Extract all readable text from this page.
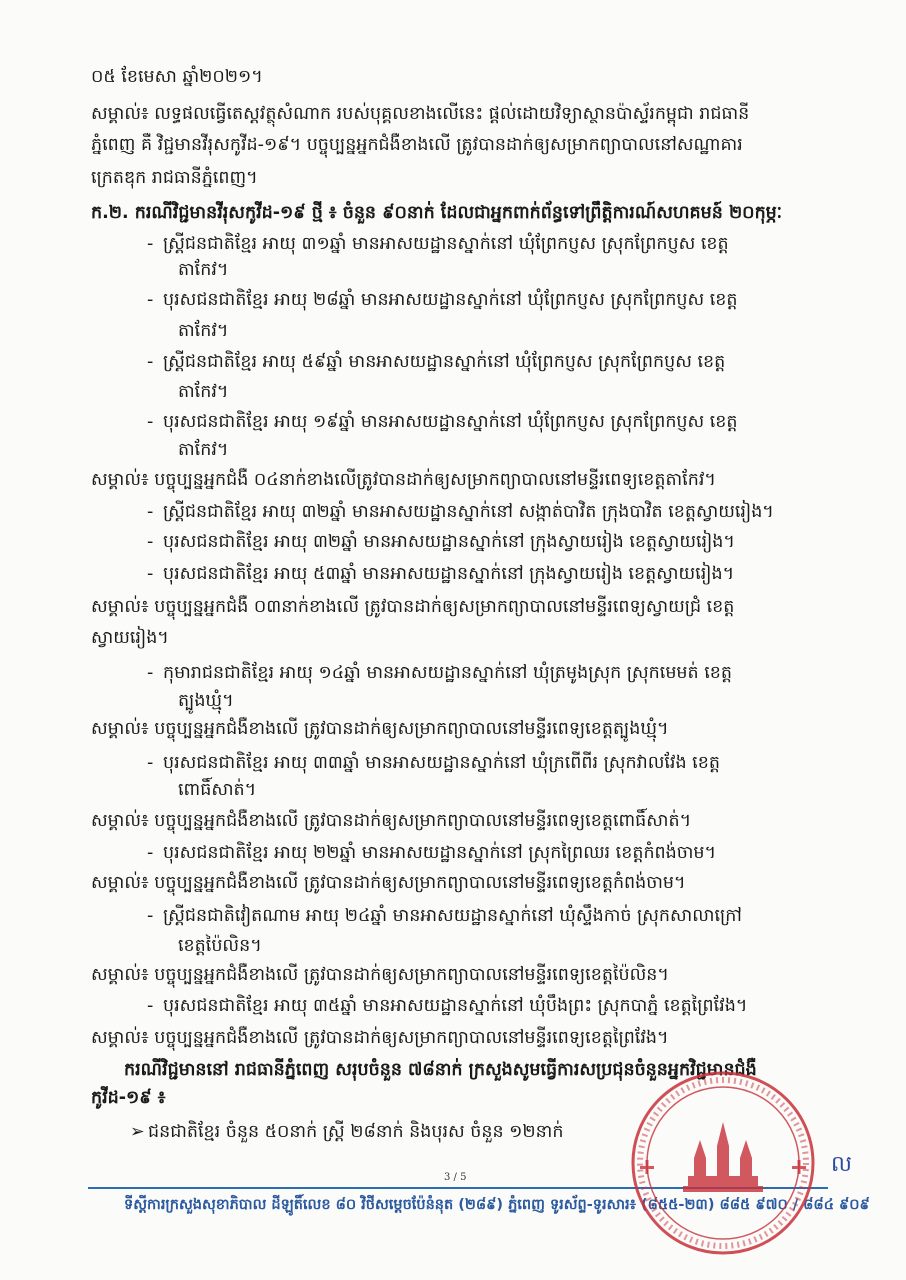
០៥ ខែមេសា ឆ្នាំ២០២១។
សម្គាល់៖ លទ្ធផលធ្វើតេស្តវត្ថុសំណាក របស់បុគ្គលខាងលើនេះ ផ្តល់ដោយវិទ្យាស្ថានប៉ាស្ទ័រកម្ពុជា រាជធានី
ភ្នំពេញ គឺ វិជ្ជមានវីរុសកូវីដ-១៩។ បច្ចុប្បន្នអ្នកជំងឺខាងលើ ត្រូវបានដាក់ឲ្យសម្រាកព្យាបាលនៅសណ្ឋាគារ
ក្រេតឌុក រាជធានីភ្នំពេញ។
ក.២. ករណីវិជ្ជមានវីរុសកូវីដ-១៩ ថ្មី ៖ ចំនួន ៩០នាក់ ដែលជាអ្នកពាក់ព័ន្ធទៅព្រឹត្តិការណ៍សហគមន៍ ២០កុម្ភៈ
- ស្ត្រីជនជាតិខ្មែរ អាយុ ៣១ឆ្នាំ មានអាសយដ្ឋានស្នាក់នៅ ឃុំព្រែកប្ញស ស្រុកព្រែកប្ញស ខេត្ត
តាកែវ។
- បុរសជនជាតិខ្មែរ អាយុ ២៨ឆ្នាំ មានអាសយដ្ឋានស្នាក់នៅ ឃុំព្រែកប្ញស ស្រុកព្រែកប្ញស ខេត្ត
តាកែវ។
- ស្ត្រីជនជាតិខ្មែរ អាយុ ៥៩ឆ្នាំ មានអាសយដ្ឋានស្នាក់នៅ ឃុំព្រែកប្ញស ស្រុកព្រែកប្ញស ខេត្ត
តាកែវ។
- បុរសជនជាតិខ្មែរ អាយុ ១៩ឆ្នាំ មានអាសយដ្ឋានស្នាក់នៅ ឃុំព្រែកប្ញស ស្រុកព្រែកប្ញស ខេត្ត
តាកែវ។
សម្គាល់៖ បច្ចុប្បន្នអ្នកជំងឺ ០៤នាក់ខាងលើត្រូវបានដាក់ឲ្យសម្រាកព្យាបាលនៅមន្ទីរពេទ្យខេត្តតាកែវ។
- ស្ត្រីជនជាតិខ្មែរ អាយុ ៣២ឆ្នាំ មានអាសយដ្ឋានស្នាក់នៅ សង្កាត់បាវិត ក្រុងបាវិត ខេត្តស្វាយរៀង។
- បុរសជនជាតិខ្មែរ អាយុ ៣២ឆ្នាំ មានអាសយដ្ឋានស្នាក់នៅ ក្រុងស្វាយរៀង ខេត្តស្វាយរៀង។
- បុរសជនជាតិខ្មែរ អាយុ ៥៣ឆ្នាំ មានអាសយដ្ឋានស្នាក់នៅ ក្រុងស្វាយរៀង ខេត្តស្វាយរៀង។
សម្គាល់៖ បច្ចុប្បន្នអ្នកជំងឺ ០៣នាក់ខាងលើ ត្រូវបានដាក់ឲ្យសម្រាកព្យាបាលនៅមន្ទីរពេទ្យស្វាយជ្រំ ខេត្ត
ស្វាយរៀង។
- កុមារាជនជាតិខ្មែរ អាយុ ១៤ឆ្នាំ មានអាសយដ្ឋានស្នាក់នៅ ឃុំត្រមូងស្រុក ស្រុកមេមត់ ខេត្ត
ត្បូងឃ្មុំ។
សម្គាល់៖ បច្ចុប្បន្នអ្នកជំងឺខាងលើ ត្រូវបានដាក់ឲ្យសម្រាកព្យាបាលនៅមន្ទីរពេទ្យខេត្តត្បូងឃ្មុំ។
- បុរសជនជាតិខ្មែរ អាយុ ៣៣ឆ្នាំ មានអាសយដ្ឋានស្នាក់នៅ ឃុំក្រពើពីរ ស្រុកវាលវែង ខេត្ត
ពោធិ៍សាត់។
សម្គាល់៖ បច្ចុប្បន្នអ្នកជំងឺខាងលើ ត្រូវបានដាក់ឲ្យសម្រាកព្យាបាលនៅមន្ទីរពេទ្យខេត្តពោធិ៍សាត់។
- បុរសជនជាតិខ្មែរ អាយុ ២២ឆ្នាំ មានអាសយដ្ឋានស្នាក់នៅ ស្រុកព្រៃឈរ ខេត្តកំពង់ចាម។
សម្គាល់៖ បច្ចុប្បន្នអ្នកជំងឺខាងលើ ត្រូវបានដាក់ឲ្យសម្រាកព្យាបាលនៅមន្ទីរពេទ្យខេត្តកំពង់ចាម។
- ស្ត្រីជនជាតិវៀតណាម អាយុ ២៤ឆ្នាំ មានអាសយដ្ឋានស្នាក់នៅ ឃុំស្ទឹងកាច់ ស្រុកសាលាក្រៅ
ខេត្តប៉ៃលិន។
សម្គាល់៖ បច្ចុប្បន្នអ្នកជំងឺខាងលើ ត្រូវបានដាក់ឲ្យសម្រាកព្យាបាលនៅមន្ទីរពេទ្យខេត្តប៉ៃលិន។
- បុរសជនជាតិខ្មែរ អាយុ ៣៥ឆ្នាំ មានអាសយដ្ឋានស្នាក់នៅ ឃុំបឹងព្រះ ស្រុកបាភ្នំ ខេត្តព្រៃវែង។
សម្គាល់៖ បច្ចុប្បន្នអ្នកជំងឺខាងលើ ត្រូវបានដាក់ឲ្យសម្រាកព្យាបាលនៅមន្ទីរពេទ្យខេត្តព្រៃវែង។
ករណីវិជ្ជមាននៅ រាជធានីភ្នំពេញ សរុបចំនួន ៧៨នាក់ ក្រសួងសូមធ្វើការសប្រជុនចំនួនអ្នកវិជ្ជមានជំងឺ
កូវីដ-១៩ ៖
➢ ជនជាតិខ្មែរ ចំនួន ៥០នាក់ ស្ត្រី ២៨នាក់ និងបុរស ចំនួន ១២នាក់
3 / 5
ទីស្តីការក្រសួងសុខាភិបាល ដីឡូតិ៍លេខ ៨០ វិថីសម្តេចប៉ែនំនុត (២៨៩) ភ្នំពេញ ទូរស័ព្ទ-ទូរសារ៖ (៨៥៥-២៣) ៨៨៥ ៩៧០ / ៨៨៤ ៩០៩
ល
